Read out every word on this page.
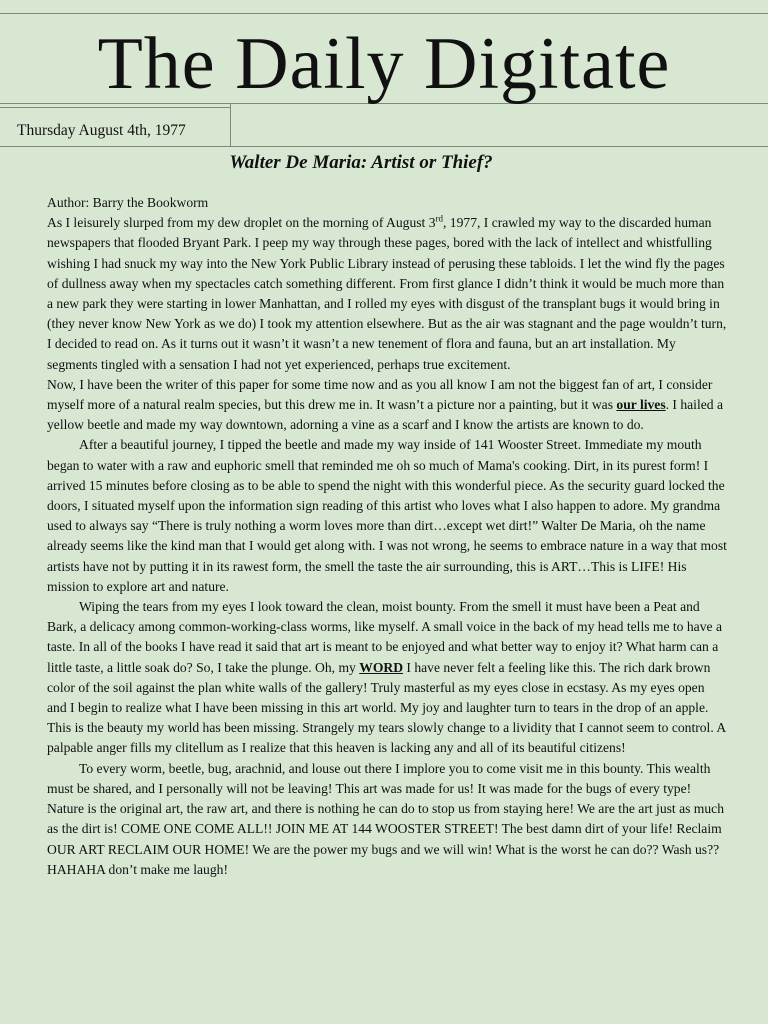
The Daily Digitate
Thursday August 4th, 1977
Walter De Maria: Artist or Thief?

Author: Barry the Bookworm

As I leisurely slurped from my dew droplet on the morning of August 3rd, 1977, I crawled my way to the discarded human newspapers that flooded Bryant Park. I peep my way through these pages, bored with the lack of intellect and whistfulling wishing I had snuck my way into the New York Public Library instead of perusing these tabloids. I let the wind fly the pages of dullness away when my spectacles catch something different. From first glance I didn’t think it would be much more than a new park they were starting in lower Manhattan, and I rolled my eyes with disgust of the transplant bugs it would bring in (they never know New York as we do) I took my attention elsewhere. But as the air was stagnant and the page wouldn’t turn, I decided to read on. As it turns out it wasn’t it wasn’t a new tenement of flora and fauna, but an art installation. My segments tingled with a sensation I had not yet experienced, perhaps true excitement.

Now, I have been the writer of this paper for some time now and as you all know I am not the biggest fan of art, I consider myself more of a natural realm species, but this drew me in. It wasn’t a picture nor a painting, but it was our lives. I hailed a yellow beetle and made my way downtown, adorning a vine as a scarf and I know the artists are known to do.

After a beautiful journey, I tipped the beetle and made my way inside of 141 Wooster Street. Immediate my mouth began to water with a raw and euphoric smell that reminded me oh so much of Mama's cooking. Dirt, in its purest form! I arrived 15 minutes before closing as to be able to spend the night with this wonderful piece. As the security guard locked the doors, I situated myself upon the information sign reading of this artist who loves what I also happen to adore. My grandma used to always say “There is truly nothing a worm loves more than dirt…except wet dirt!” Walter De Maria, oh the name already seems like the kind man that I would get along with. I was not wrong, he seems to embrace nature in a way that most artists have not by putting it in its rawest form, the smell the taste the air surrounding, this is ART…This is LIFE! His mission to explore art and nature.

Wiping the tears from my eyes I look toward the clean, moist bounty. From the smell it must have been a Peat and Bark, a delicacy among common-working-class worms, like myself. A small voice in the back of my head tells me to have a taste. In all of the books I have read it said that art is meant to be enjoyed and what better way to enjoy it? What harm can a little taste, a little soak do? So, I take the plunge. Oh, my WORD I have never felt a feeling like this. The rich dark brown color of the soil against the plan white walls of the gallery! Truly masterful as my eyes close in ecstasy. As my eyes open and I begin to realize what I have been missing in this art world. My joy and laughter turn to tears in the drop of an apple. This is the beauty my world has been missing. Strangely my tears slowly change to a lividity that I cannot seem to control. A palpable anger fills my clitellum as I realize that this heaven is lacking any and all of its beautiful citizens!

To every worm, beetle, bug, arachnid, and louse out there I implore you to come visit me in this bounty. This wealth must be shared, and I personally will not be leaving! This art was made for us! It was made for the bugs of every type! Nature is the original art, the raw art, and there is nothing he can do to stop us from staying here! We are the art just as much as the dirt is! COME ONE COME ALL!! JOIN ME AT 144 WOOSTER STREET! The best damn dirt of your life! Reclaim OUR ART RECLAIM OUR HOME! We are the power my bugs and we will win! What is the worst he can do?? Wash us?? HAHAHA don’t make me laugh!
